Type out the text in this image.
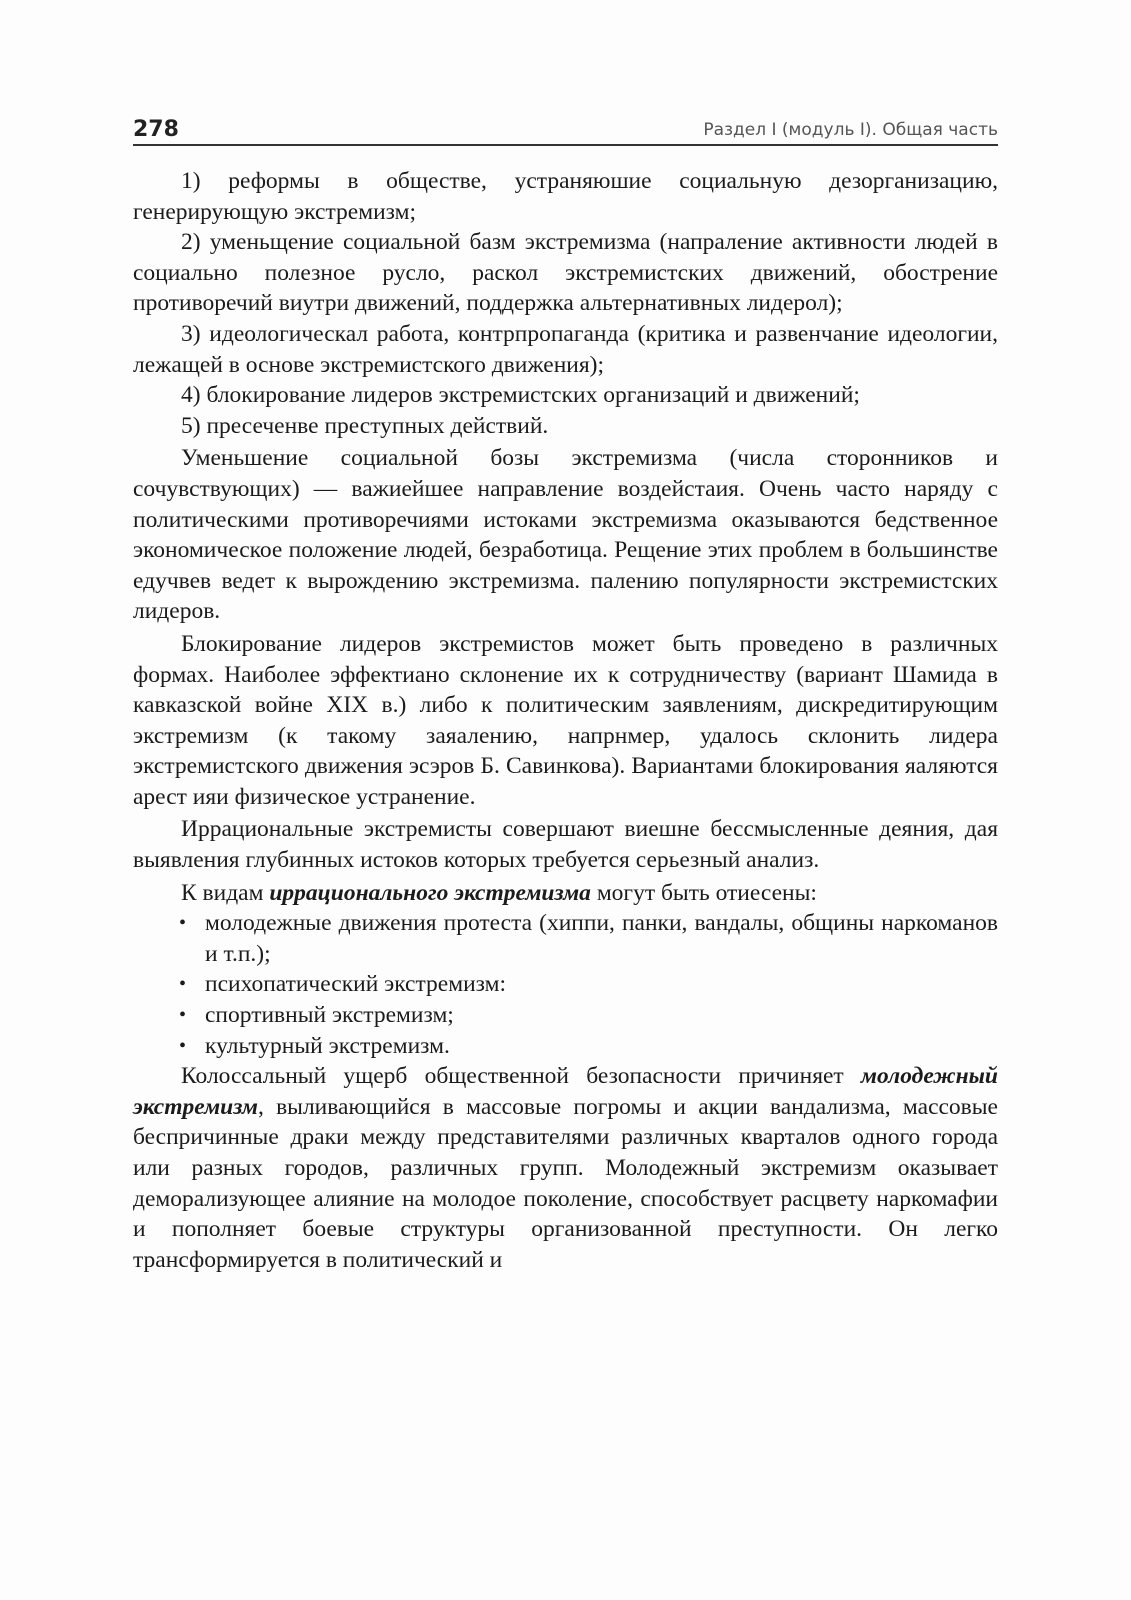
278	Раздел I (модуль I). Общая часть

1) реформы в обществе, устраняюшие социальную дезорганизацию, генерирующую экстремизм;

2) уменьщение социальной базм экстремизма (напраление активности людей в социально полезное русло, раскол экстремистских движений, обострение противоречий виутри движений, поддержка альтернативных лидерол);

3) идеологическал работа, контрпропаганда (критика и развенчание идеологии, лежащей в основе экстремистского движения);

4) блокирование лидеров экстремистских организаций и движений;

5) пресеченве преступных действий.

Уменьшение социальной бозы экстремизма (числа сторонников и сочувствующих) — важиейшее направление воздейстаия. Очень часто наряду с политическими противоречиями истоками экстремизма оказываются бедственное экономическое положение людей, безработица. Рещение этих проблем в большинстве едучвев ведет к вырождению экстремизма. палению популярности экстремистских лидеров.

Блокирование лидеров экстремистов может быть проведено в различных формах. Наиболее эффектиано склонение их к сотрудничеству (вариант Шамида в кавказской войне XIX в.) либо к политическим заявлениям, дискредитирующим экстремизм (к такому заяалению, напрнмер, удалось склонить лидера экстремистского движения эсэров Б. Савинкова). Вариантами блокирования яаляются арест ияи физическое устранение.

Иррациональные экстремисты совершают виешне бессмысленные деяния, дая выявления глубинных истоков которых требуется серьезный анализ.

К видам иррационального экстремизма могут быть отиесены:

• молодежные движения протеста (хиппи, панки, вандалы, общины наркоманов и т.п.);
• психопатический экстремизм:
• спортивный экстремизм;
• культурный экстремизм.

Колоссальный ущерб общественной безопасности причиняет молодежный экстремизм, выливающийся в массовые погромы и акции вандализма, массовые беспричинные драки между представителями различных кварталов одного города или разных городов, различных групп. Молодежный экстремизм оказывает деморализующее алияние на молодое поколение, способствует расцвету наркомафии и пополняет боевые структуры организованной преступности. Он легко трансформируется в политический и
